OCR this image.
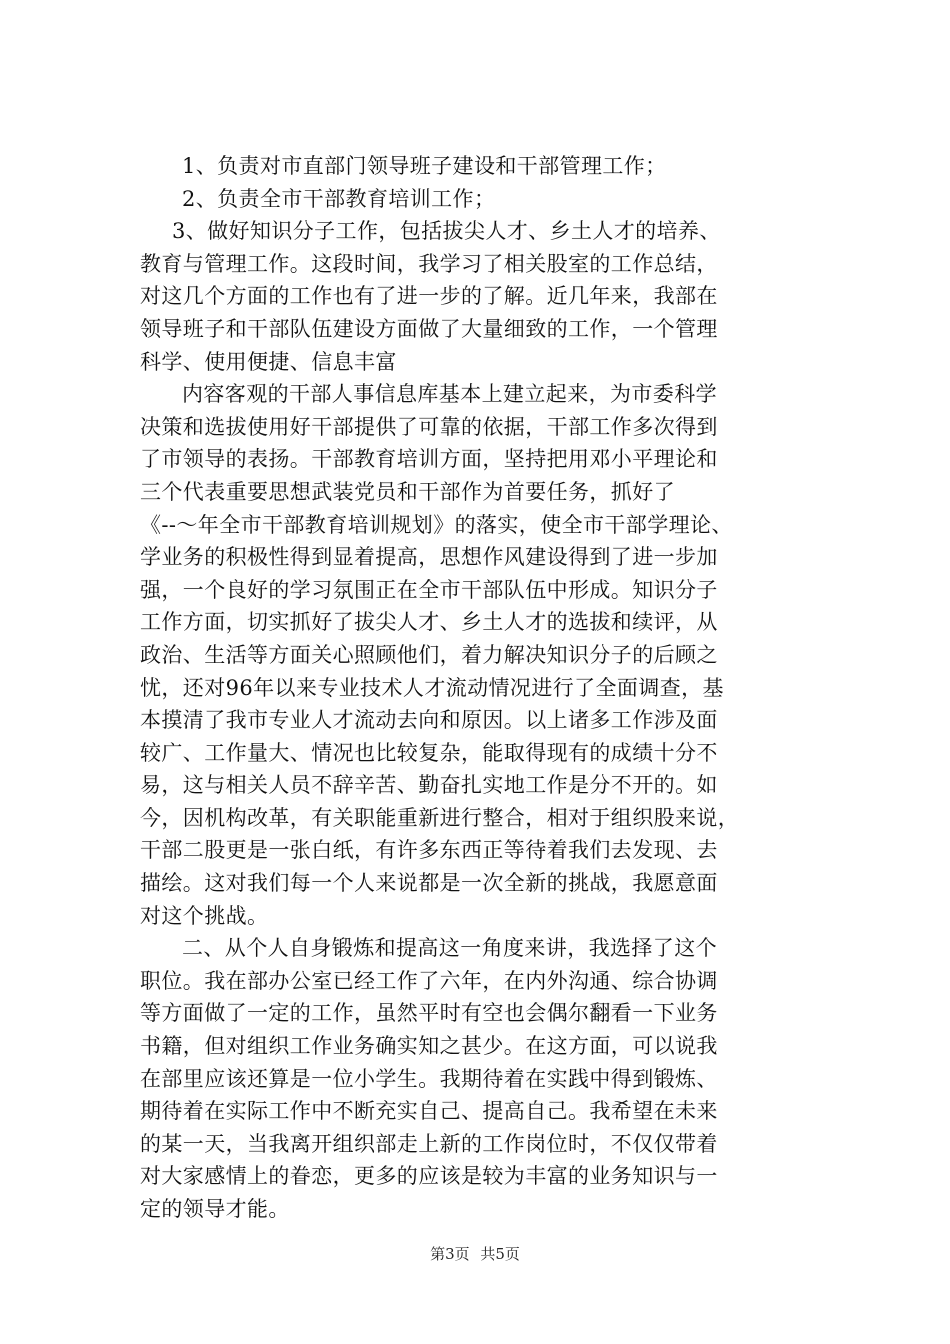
1、负责对市直部门领导班子建设和干部管理工作；
2、负责全市干部教育培训工作；
3、做好知识分子工作，包括拔尖人才、乡土人才的培养、
教育与管理工作。这段时间，我学习了相关股室的工作总结，
对这几个方面的工作也有了进一步的了解。近几年来，我部在
领导班子和干部队伍建设方面做了大量细致的工作，一个管理
科学、使用便捷、信息丰富
内容客观的干部人事信息库基本上建立起来，为市委科学
决策和选拔使用好干部提供了可靠的依据，干部工作多次得到
了市领导的表扬。干部教育培训方面，坚持把用邓小平理论和
三个代表重要思想武装党员和干部作为首要任务，抓好了
《--～年全市干部教育培训规划》的落实，使全市干部学理论、
学业务的积极性得到显着提高，思想作风建设得到了进一步加
强，一个良好的学习氛围正在全市干部队伍中形成。知识分子
工作方面，切实抓好了拔尖人才、乡土人才的选拔和续评，从
政治、生活等方面关心照顾他们，着力解决知识分子的后顾之
忧，还对96年以来专业技术人才流动情况进行了全面调查，基
本摸清了我市专业人才流动去向和原因。以上诸多工作涉及面
较广、工作量大、情况也比较复杂，能取得现有的成绩十分不
易，这与相关人员不辞辛苦、勤奋扎实地工作是分不开的。如
今，因机构改革，有关职能重新进行整合，相对于组织股来说，
干部二股更是一张白纸，有许多东西正等待着我们去发现、去
描绘。这对我们每一个人来说都是一次全新的挑战，我愿意面
对这个挑战。
二、从个人自身锻炼和提高这一角度来讲，我选择了这个
职位。我在部办公室已经工作了六年，在内外沟通、综合协调
等方面做了一定的工作，虽然平时有空也会偶尔翻看一下业务
书籍，但对组织工作业务确实知之甚少。在这方面，可以说我
在部里应该还算是一位小学生。我期待着在实践中得到锻炼、
期待着在实际工作中不断充实自己、提高自己。我希望在未来
的某一天，当我离开组织部走上新的工作岗位时，不仅仅带着
对大家感情上的眷恋，更多的应该是较为丰富的业务知识与一
定的领导才能。
第3页 共5页
